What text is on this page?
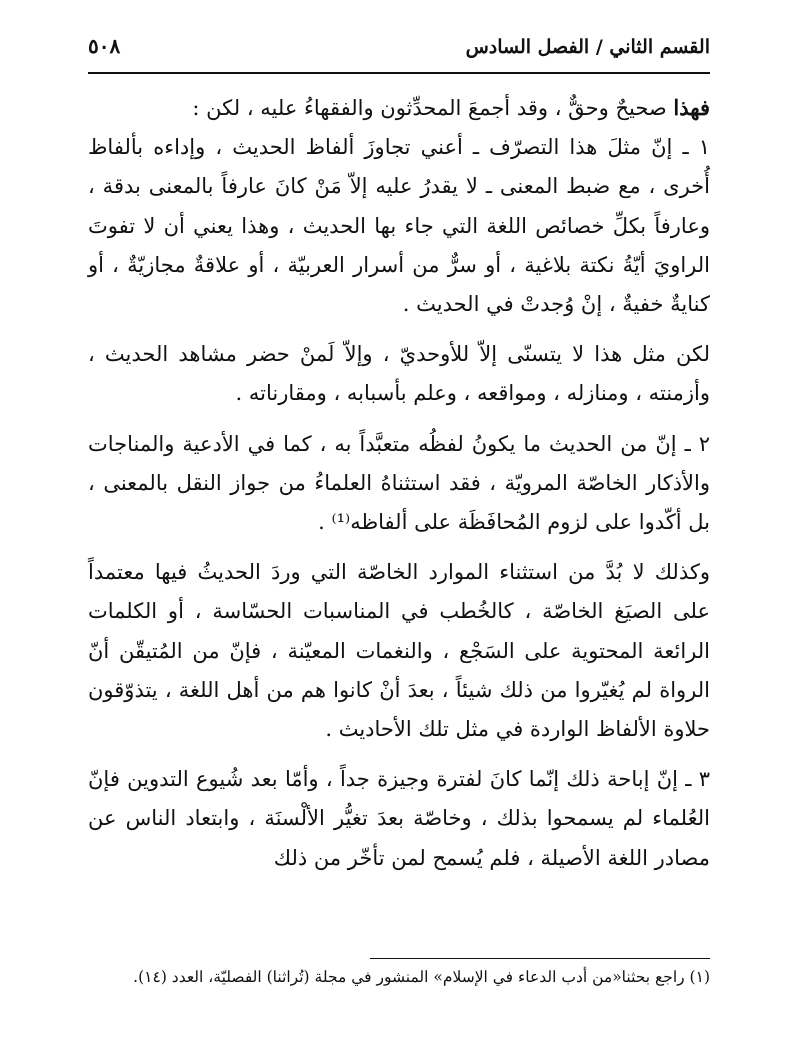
القسم الثاني / الفصل السادس
٥٠٨

فهذا صحيحٌ وحقٌّ ، وقد أجمعَ المحدِّثون والفقهاءُ عليه ، لكن :

١ ـ إنّ مثلَ هذا التصرّف ـ أعني تجاوزَ ألفاظ الحديث ، وإداءه بألفاظ أُخرى ، مع ضبط المعنى ـ لا يقدرُ عليه إلاّ مَنْ كانَ عارفاً بالمعنى بدقة ، وعارفاً بكلِّ خصائص اللغة التي جاء بها الحديث ، وهذا يعني أن لا تفوتَ الراويَ أيّةُ نكتة بلاغية ، أو سرٌّ من أسرار العربيّة ، أو علاقةٌ مجازيّةٌ ، أو كنايةٌ خفيةٌ ، إنْ وُجدتْ في الحديث .

لكن مثل هذا لا يتسنّى إلاّ للأوحديّ ، وإلاّ لَمنْ حضر مشاهد الحديث ، وأزمنته ، ومنازله ، ومواقعه ، وعلم بأسبابه ، ومقارناته .

٢ ـ إنّ من الحديث ما يكونُ لفظُه متعبَّداً به ، كما في الأدعية والمناجات والأذكار الخاصّة المرويّة ، فقد استثناهُ العلماءُ من جواز النقل بالمعنى ، بل أكّدوا على لزوم المُحافَظَة على ألفاظه⁽¹⁾ .

وكذلك لا بُدَّ من استثناء الموارد الخاصّة التي وردَ الحديثُ فيها معتمداً على الصيَغ الخاصّة ، كالخُطب في المناسبات الحسّاسة ، أو الكلمات الرائعة المحتوية على السَجْع ، والنغمات المعيّنة ، فإنّ من المُتيقّن أنّ الرواة لم يُغيّروا من ذلك شيئاً ، بعدَ أنْ كانوا هم من أهل اللغة ، يتذوّقون حلاوة الألفاظ الواردة في مثل تلك الأحاديث .

٣ ـ إنّ إباحة ذلك إنّما كانَ لفترة وجيزة جداً ، وأمّا بعد شُيوع التدوين فإنّ العُلماء لم يسمحوا بذلك ، وخاصّة بعدَ تغيُّر الألْسنَة ، وابتعاد الناس عن مصادر اللغة الأصيلة ، فلم يُسمح لمن تأخّر من ذلك

(١) راجع بحثنا«من أدب الدعاء في الإسلام» المنشور في مجلة (تُراثنا) الفصليّة، العدد (١٤).
